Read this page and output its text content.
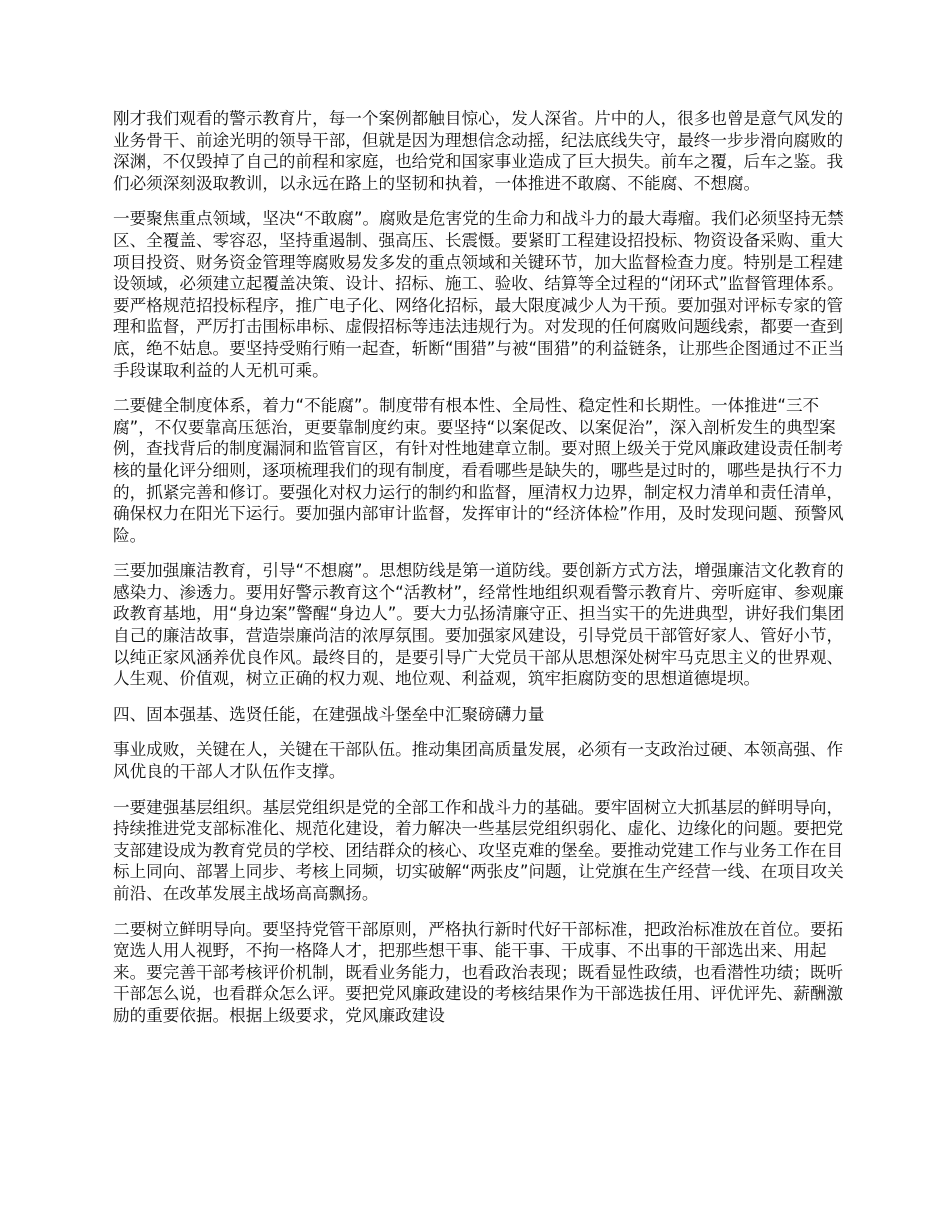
刚才我们观看的警示教育片，每一个案例都触目惊心，发人深省。片中的人，很多也曾是意气风发的业务骨干、前途光明的领导干部，但就是因为理想信念动摇，纪法底线失守，最终一步步滑向腐败的深渊，不仅毁掉了自己的前程和家庭，也给党和国家事业造成了巨大损失。前车之覆，后车之鉴。我们必须深刻汲取教训，以永远在路上的坚韧和执着，一体推进不敢腐、不能腐、不想腐。

一要聚焦重点领域，坚决“不敢腐”。腐败是危害党的生命力和战斗力的最大毒瘤。我们必须坚持无禁区、全覆盖、零容忍，坚持重遏制、强高压、长震慑。要紧盯工程建设招投标、物资设备采购、重大项目投资、财务资金管理等腐败易发多发的重点领域和关键环节，加大监督检查力度。特别是工程建设领域，必须建立起覆盖决策、设计、招标、施工、验收、结算等全过程的“闭环式”监督管理体系。要严格规范招投标程序，推广电子化、网络化招标，最大限度减少人为干预。要加强对评标专家的管理和监督，严厉打击围标串标、虚假招标等违法违规行为。对发现的任何腐败问题线索，都要一查到底，绝不姑息。要坚持受贿行贿一起查，斩断“围猎”与被“围猎”的利益链条，让那些企图通过不正当手段谋取利益的人无机可乘。

二要健全制度体系，着力“不能腐”。制度带有根本性、全局性、稳定性和长期性。一体推进“三不腐”，不仅要靠高压惩治，更要靠制度约束。要坚持“以案促改、以案促治”，深入剖析发生的典型案例，查找背后的制度漏洞和监管盲区，有针对性地建章立制。要对照上级关于党风廉政建设责任制考核的量化评分细则，逐项梳理我们的现有制度，看看哪些是缺失的，哪些是过时的，哪些是执行不力的，抓紧完善和修订。要强化对权力运行的制约和监督，厘清权力边界，制定权力清单和责任清单，确保权力在阳光下运行。要加强内部审计监督，发挥审计的“经济体检”作用，及时发现问题、预警风险。

三要加强廉洁教育，引导“不想腐”。思想防线是第一道防线。要创新方式方法，增强廉洁文化教育的感染力、渗透力。要用好警示教育这个“活教材”，经常性地组织观看警示教育片、旁听庭审、参观廉政教育基地，用“身边案”警醒“身边人”。要大力弘扬清廉守正、担当实干的先进典型，讲好我们集团自己的廉洁故事，营造崇廉尚洁的浓厚氛围。要加强家风建设，引导党员干部管好家人、管好小节，以纯正家风涵养优良作风。最终目的，是要引导广大党员干部从思想深处树牢马克思主义的世界观、人生观、价值观，树立正确的权力观、地位观、利益观，筑牢拒腐防变的思想道德堤坝。

四、固本强基、选贤任能，在建强战斗堡垒中汇聚磅礴力量

事业成败，关键在人，关键在干部队伍。推动集团高质量发展，必须有一支政治过硬、本领高强、作风优良的干部人才队伍作支撑。

一要建强基层组织。基层党组织是党的全部工作和战斗力的基础。要牢固树立大抓基层的鲜明导向，持续推进党支部标准化、规范化建设，着力解决一些基层党组织弱化、虚化、边缘化的问题。要把党支部建设成为教育党员的学校、团结群众的核心、攻坚克难的堡垒。要推动党建工作与业务工作在目标上同向、部署上同步、考核上同频，切实破解“两张皮”问题，让党旗在生产经营一线、在项目攻关前沿、在改革发展主战场高高飘扬。

二要树立鲜明导向。要坚持党管干部原则，严格执行新时代好干部标准，把政治标准放在首位。要拓宽选人用人视野，不拘一格降人才，把那些想干事、能干事、干成事、不出事的干部选出来、用起来。要完善干部考核评价机制，既看业务能力，也看政治表现；既看显性政绩，也看潜性功绩；既听干部怎么说，也看群众怎么评。要把党风廉政建设的考核结果作为干部选拔任用、评优评先、薪酬激励的重要依据。根据上级要求，党风廉政建设
